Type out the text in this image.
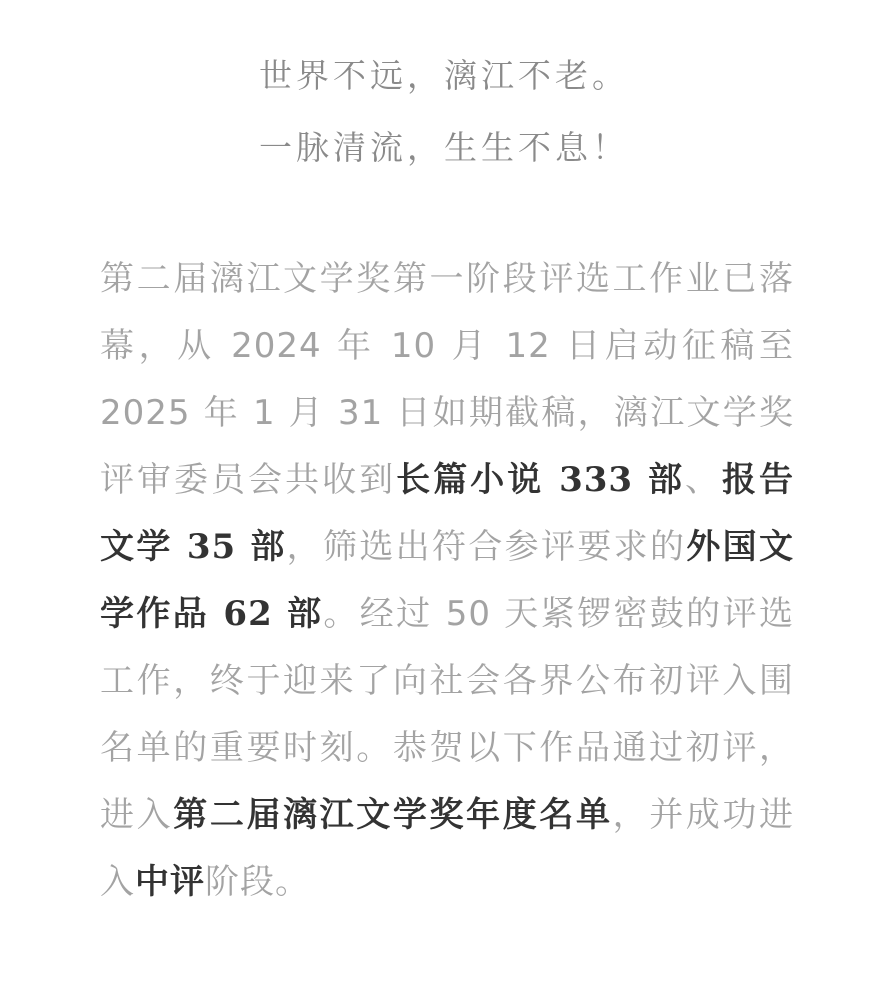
世界不远，漓江不老。

一脉清流，生生不息！

第二届漓江文学奖第一阶段评选工作业已落幕，从 2024 年 10 月 12 日启动征稿至 2025 年 1 月 31 日如期截稿，漓江文学奖评审委员会共收到长篇小说 333 部、报告文学 35 部，筛选出符合参评要求的外国文学作品 62 部。经过 50 天紧锣密鼓的评选工作，终于迎来了向社会各界公布初评入围名单的重要时刻。恭贺以下作品通过初评，进入第二届漓江文学奖年度名单，并成功进入中评阶段。
